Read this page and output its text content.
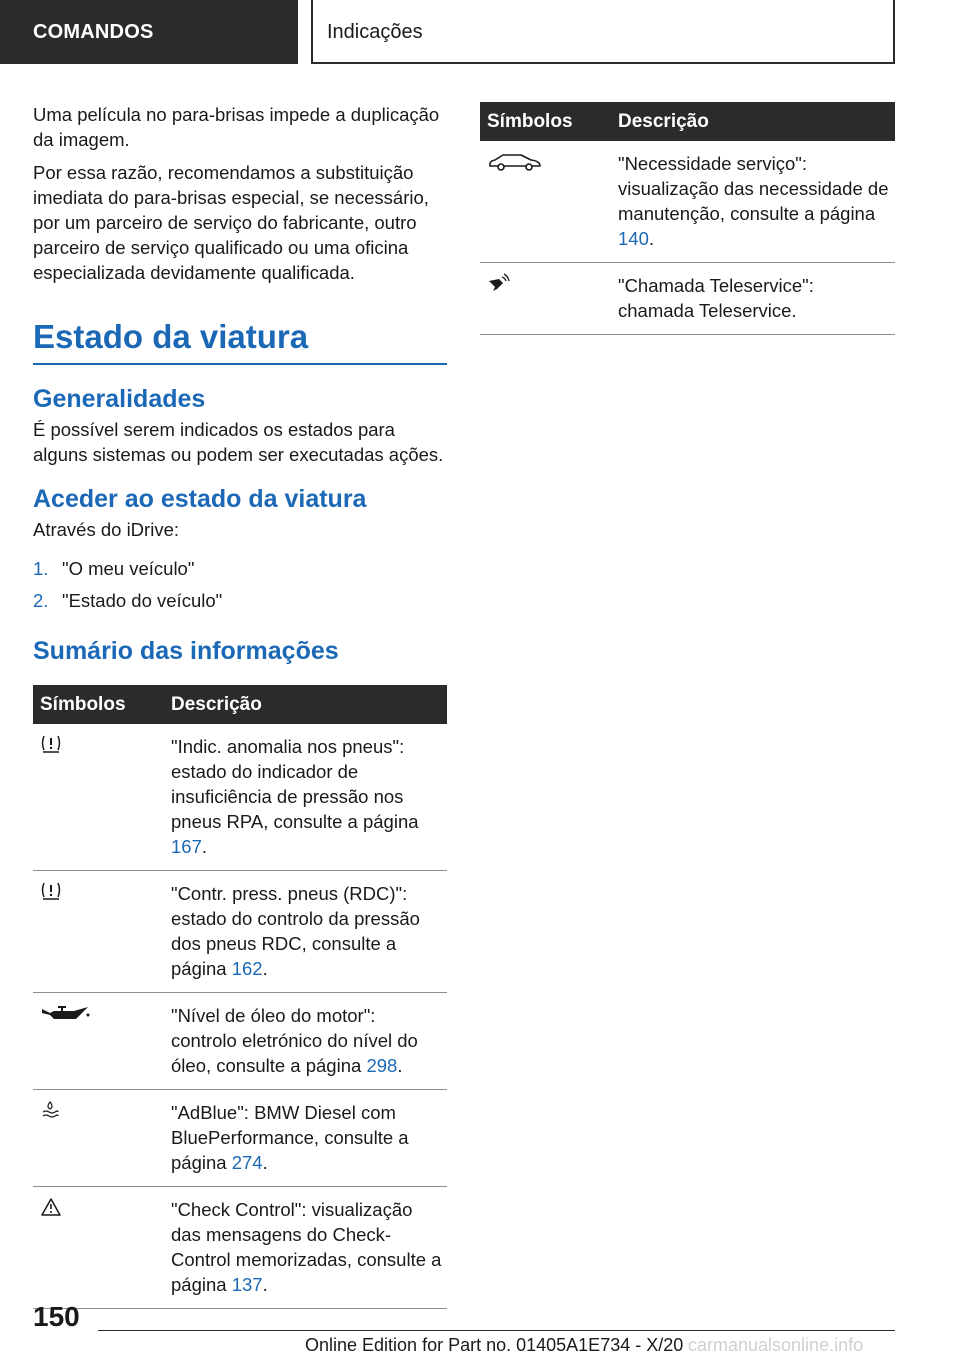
COMANDOS	Indicações

Uma película no para-brisas impede a duplicação da imagem.

Por essa razão, recomendamos a substituição imediata do para-brisas especial, se necessário, por um parceiro de serviço do fabricante, outro parceiro de serviço qualificado ou uma oficina especializada devidamente qualificada.

Estado da viatura
Generalidades

É possível serem indicados os estados para alguns sistemas ou podem ser executadas ações.

Aceder ao estado da viatura

Através do iDrive:

1. "O meu veículo"
2. "Estado do veículo"
Sumário das informações
Símbolos	Descrição

	"Indic. anomalia nos pneus": estado do indicador de insuficiência de pressão nos pneus RPA, consulte a página 167.

	"Contr. press. pneus (RDC)": estado do controlo da pressão dos pneus RDC, consulte a página 162.

	"Nível de óleo do motor": controlo eletrónico do nível do óleo, consulte a página 298.

	"AdBlue": BMW Diesel com BluePerformance, consulte a página 274.

	"Check Control": visualização das mensagens do Check-Control memorizadas, consulte a página 137.
Símbolos	Descrição

	"Necessidade serviço": visualização das necessidade de manutenção, consulte a página 140.

	"Chamada Teleservice": chamada Teleservice.
150
Online Edition for Part no. 01405A1E734 - X/20 carmanualsonline.info
